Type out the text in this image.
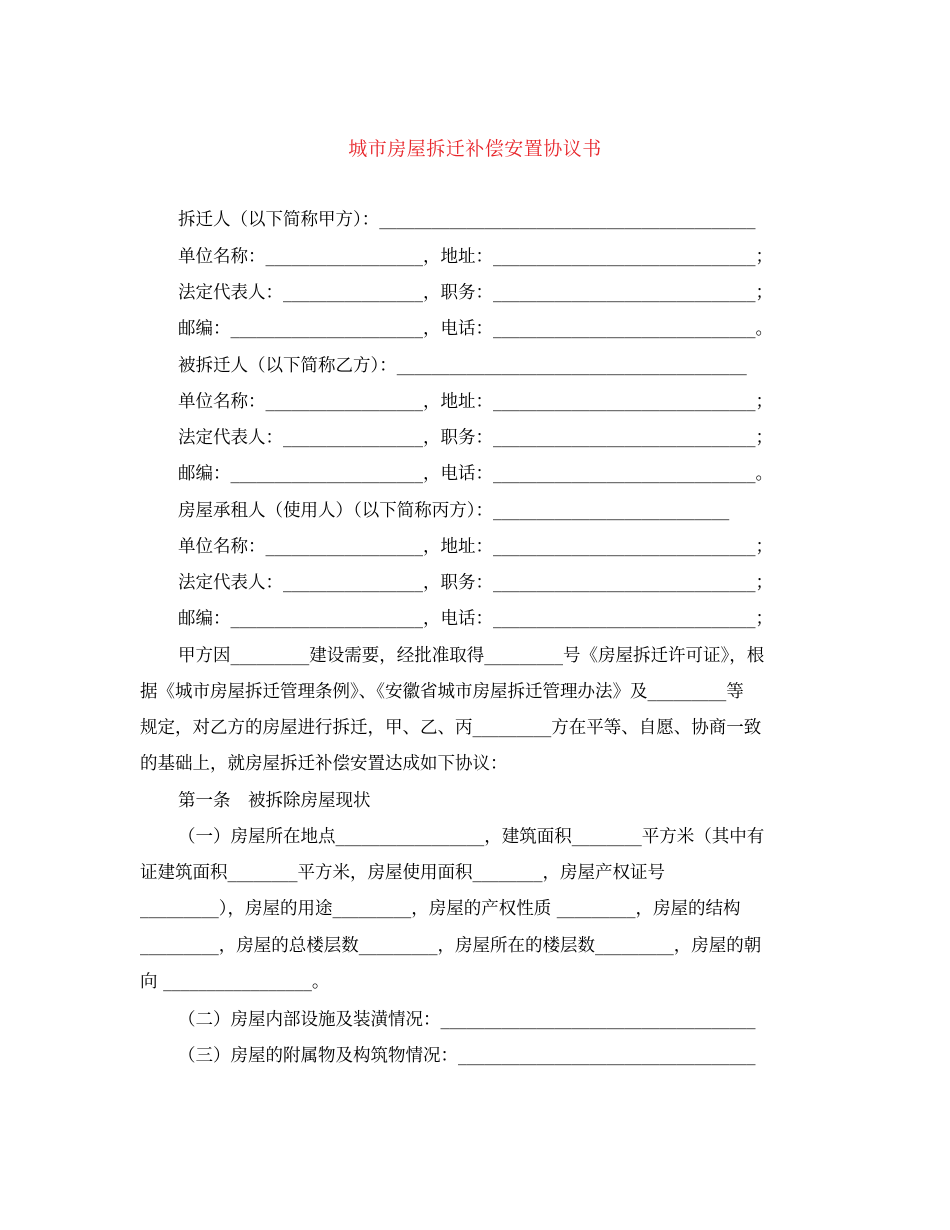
城市房屋拆迁补偿安置协议书
拆迁人（以下简称甲方）：___________________________________________
单位名称：__________________，地址：______________________________；
法定代表人：________________，职务：______________________________；
邮编：______________________，电话：______________________________。
被拆迁人（以下简称乙方）：________________________________________
单位名称：__________________，地址：______________________________；
法定代表人：________________，职务：______________________________；
邮编：______________________，电话：______________________________。
房屋承租人（使用人）（以下简称丙方）：___________________________
单位名称：__________________，地址：______________________________；
法定代表人：________________，职务：______________________________；
邮编：______________________，电话：______________________________；
甲方因_________建设需要，经批准取得_________号《房屋拆迁许可证》，根
据《城市房屋拆迁管理条例》、《安徽省城市房屋拆迁管理办法》及_________等
规定，对乙方的房屋进行拆迁，甲、乙、丙_________方在平等、自愿、协商一致
的基础上，就房屋拆迁补偿安置达成如下协议：
第一条　被拆除房屋现状
（一）房屋所在地点_________________，建筑面积________平方米（其中有
证建筑面积________平方米，房屋使用面积________，房屋产权证号
_________），房屋的用途_________，房屋的产权性质 _________，房屋的结构
_________，房屋的总楼层数_________，房屋所在的楼层数_________，房屋的朝
向 _________________。
（二）房屋内部设施及装潢情况：____________________________________
（三）房屋的附属物及构筑物情况：__________________________________
